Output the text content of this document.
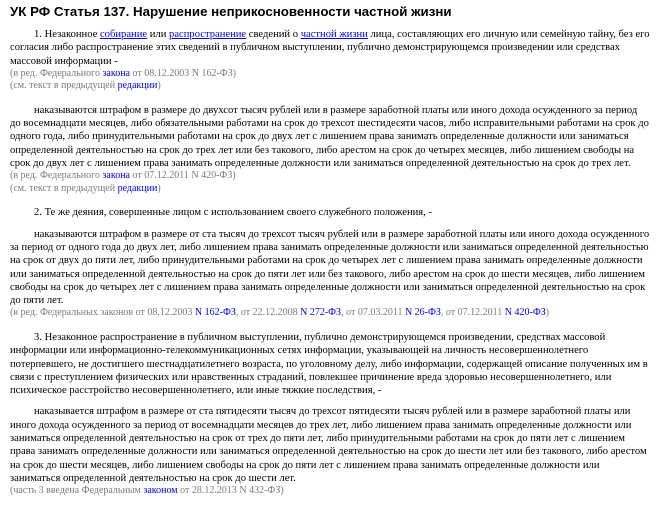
УК РФ Статья 137. Нарушение неприкосновенности частной жизни

1. Незаконное собирание или распространение сведений о частной жизни лица, составляющих его личную или семейную тайну, без его согласия либо распространение этих сведений в публичном выступлении, публично демонстрирующемся произведении или средствах массовой информации -

(в ред. Федерального закона от 08.12.2003 N 162-ФЗ)
(см. текст в предыдущей редакции)

наказываются штрафом в размере до двухсот тысяч рублей или в размере заработной платы или иного дохода осужденного за период до восемнадцати месяцев, либо обязательными работами на срок до трехсот шестидесяти часов, либо исправительными работами на срок до одного года, либо принудительными работами на срок до двух лет с лишением права занимать определенные должности или заниматься определенной деятельностью на срок до трех лет или без такового, либо арестом на срок до четырех месяцев, либо лишением свободы на срок до двух лет с лишением права занимать определенные должности или заниматься определенной деятельностью на срок до трех лет.

(в ред. Федерального закона от 07.12.2011 N 420-ФЗ)
(см. текст в предыдущей редакции)

2. Те же деяния, совершенные лицом с использованием своего служебного положения, -

наказываются штрафом в размере от ста тысяч до трехсот тысяч рублей или в размере заработной платы или иного дохода осужденного за период от одного года до двух лет, либо лишением права занимать определенные должности или заниматься определенной деятельностью на срок от двух до пяти лет, либо принудительными работами на срок до четырех лет с лишением права занимать определенные должности или заниматься определенной деятельностью на срок до пяти лет или без такового, либо арестом на срок до шести месяцев, либо лишением свободы на срок до четырех лет с лишением права занимать определенные должности или заниматься определенной деятельностью на срок до пяти лет.

(в ред. Федеральных законов от 08.12.2003 N 162-ФЗ, от 22.12.2008 N 272-ФЗ, от 07.03.2011 N 26-ФЗ, от 07.12.2011 N 420-ФЗ)

3. Незаконное распространение в публичном выступлении, публично демонстрирующемся произведении, средствах массовой информации или информационно-телекоммуникационных сетях информации, указывающей на личность несовершеннолетнего потерпевшего, не достигшего шестнадцатилетнего возраста, по уголовному делу, либо информации, содержащей описание полученных им в связи с преступлением физических или нравственных страданий, повлекшее причинение вреда здоровью несовершеннолетнего, или психическое расстройство несовершеннолетнего, или иные тяжкие последствия, -

наказывается штрафом в размере от ста пятидесяти тысяч до трехсот пятидесяти тысяч рублей или в размере заработной платы или иного дохода осужденного за период от восемнадцати месяцев до трех лет, либо лишением права занимать определенные должности или заниматься определенной деятельностью на срок от трех до пяти лет, либо принудительными работами на срок до пяти лет с лишением права занимать определенные должности или заниматься определенной деятельностью на срок до шести лет или без такового, либо арестом на срок до шести месяцев, либо лишением свободы на срок до пяти лет с лишением права занимать определенные должности или заниматься определенной деятельностью на срок до шести лет.

(часть 3 введена Федеральным законом от 28.12.2013 N 432-ФЗ)
